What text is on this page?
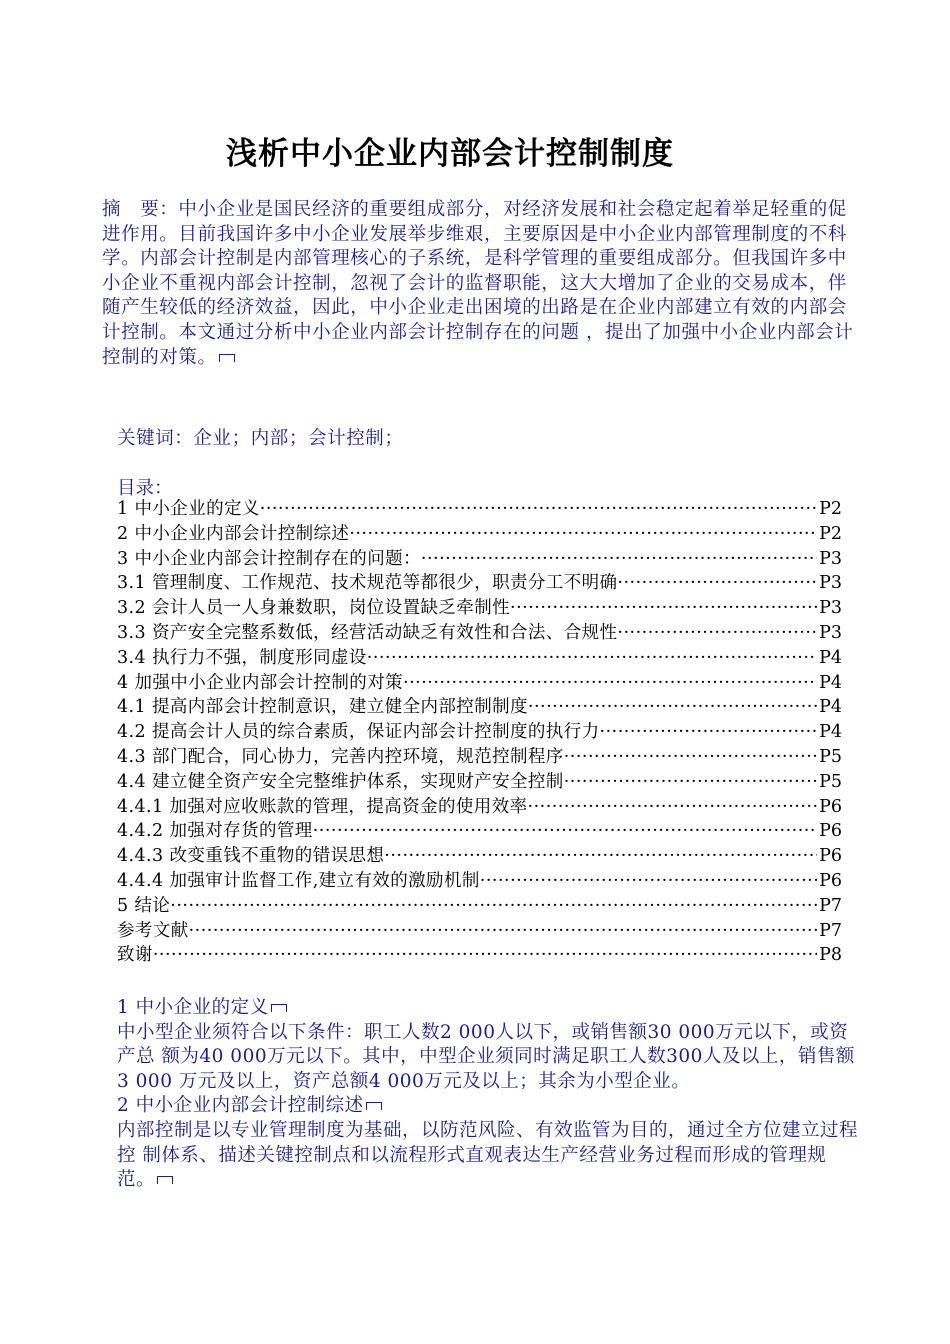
浅析中小企业内部会计控制制度

摘　要：中小企业是国民经济的重要组成部分，对经济发展和社会稳定起着举足轻重的促进作用。目前我国许多中小企业发展举步维艰，主要原因是中小企业内部管理制度的不科学。内部会计控制是内部管理核心的子系统，是科学管理的重要组成部分。但我国许多中小企业不重视内部会计控制，忽视了会计的监督职能，这大大增加了企业的交易成本，伴随产生较低的经济效益，因此，中小企业走出困境的出路是在企业内部建立有效的内部会计控制。本文通过分析中小企业内部会计控制存在的问题 ，提出了加强中小企业内部会计控制的对策。

关键词：企业；内部；会计控制；

目录：

1 中小企业的定义 ·····	P2
2 中小企业内部会计控制综述 ·····	P2
3 中小企业内部会计控制存在的问题： ·····	P3
3.1 管理制度、工作规范、技术规范等都很少，职责分工不明确 ·····	P3
3.2 会计人员一人身兼数职，岗位设置缺乏牵制性 ·····	P3
3.3 资产安全完整系数低，经营活动缺乏有效性和合法、合规性 ·····	P3
3.4 执行力不强，制度形同虚设 ·····	P4
4 加强中小企业内部会计控制的对策 ·····	P4
4.1 提高内部会计控制意识，建立健全内部控制制度 ·····	P4
4.2 提高会计人员的综合素质，保证内部会计控制度的执行力 ·····	P4
4.3 部门配合，同心协力，完善内控环境，规范控制程序 ·····	P5
4.4 建立健全资产安全完整维护体系，实现财产安全控制 ·····	P5
4.4.1 加强对应收账款的管理，提高资金的使用效率 ·····	P6
4.4.2 加强对存货的管理 ·····	P6
4.4.3 改变重钱不重物的错误思想 ·····	P6
4.4.4 加强审计监督工作,建立有效的激励机制 ·····	P6
5 结论 ·····	P7
参考文献 ·····	P7
致谢 ·····	P8

1 中小企业的定义

中小型企业须符合以下条件：职工人数2 000人以下，或销售额30 000万元以下，或资产总 额为40 000万元以下。其中，中型企业须同时满足职工人数300人及以上，销售额3 000 万元及以上，资产总额4 000万元及以上；其余为小型企业。

2 中小企业内部会计控制综述

内部控制是以专业管理制度为基础，以防范风险、有效监管为目的，通过全方位建立过程控 制体系、描述关键控制点和以流程形式直观表达生产经营业务过程而形成的管理规范。
